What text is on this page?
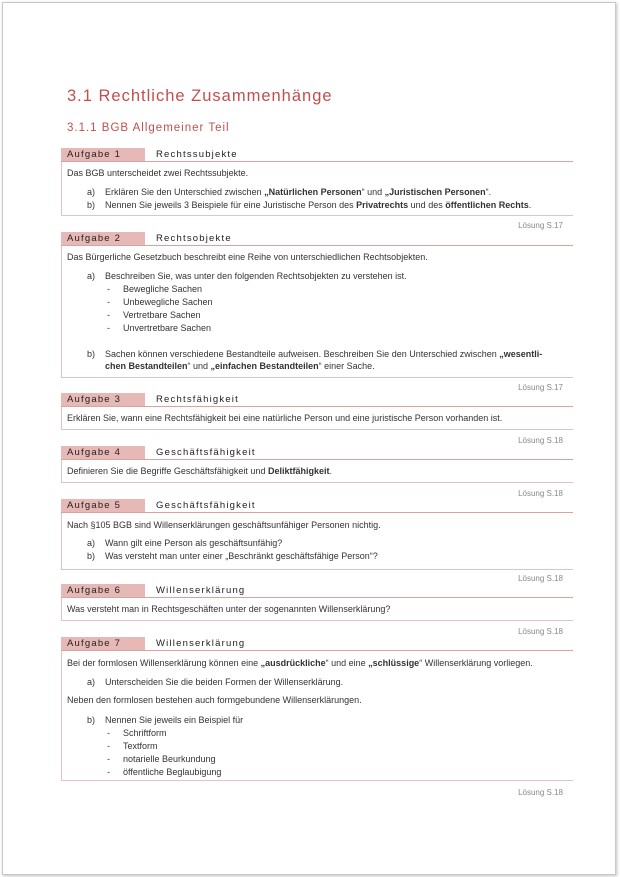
3.1 Rechtliche Zusammenhänge
3.1.1 BGB Allgemeiner Teil
Aufgabe 1	Rechtssubjekte
Das BGB unterscheidet zwei Rechtssubjekte.
a) Erklären Sie den Unterschied zwischen „Natürlichen Personen“ und „Juristischen Personen“.
b) Nennen Sie jeweils 3 Beispiele für eine Juristische Person des Privatrechts und des öffentlichen Rechts.
Lösung S.17
Aufgabe 2	Rechtsobjekte
Das Bürgerliche Gesetzbuch beschreibt eine Reihe von unterschiedlichen Rechtsobjekten.
a) Beschreiben Sie, was unter den folgenden Rechtsobjekten zu verstehen ist.
- Bewegliche Sachen
- Unbewegliche Sachen
- Vertretbare Sachen
- Unvertretbare Sachen
b) Sachen können verschiedene Bestandteile aufweisen. Beschreiben Sie den Unterschied zwischen „wesentli-
chen Bestandteilen“ und „einfachen Bestandteilen“ einer Sache.
Lösung S.17
Aufgabe 3	Rechtsfähigkeit
Erklären Sie, wann eine Rechtsfähigkeit bei eine natürliche Person und eine juristische Person vorhanden ist.
Lösung S.18
Aufgabe 4	Geschäftsfähigkeit
Definieren Sie die Begriffe Geschäftsfähigkeit und Deliktfähigkeit.
Lösung S.18
Aufgabe 5	Geschäftsfähigkeit
Nach §105 BGB sind Willenserklärungen geschäftsunfähiger Personen nichtig.
a) Wann gilt eine Person als geschäftsunfähig?
b) Was versteht man unter einer „Beschränkt geschäftsfähige Person“?
Lösung S.18
Aufgabe 6	Willenserklärung
Was versteht man in Rechtsgeschäften unter der sogenannten Willenserklärung?
Lösung S.18
Aufgabe 7	Willenserklärung
Bei der formlosen Willenserklärung können eine „ausdrückliche“ und eine „schlüssige“ Willenserklärung vorliegen.
a) Unterscheiden Sie die beiden Formen der Willenserklärung.
Neben den formlosen bestehen auch formgebundene Willenserklärungen.
b) Nennen Sie jeweils ein Beispiel für
- Schriftform
- Textform
- notarielle Beurkundung
- öffentliche Beglaubigung
Lösung S.18
